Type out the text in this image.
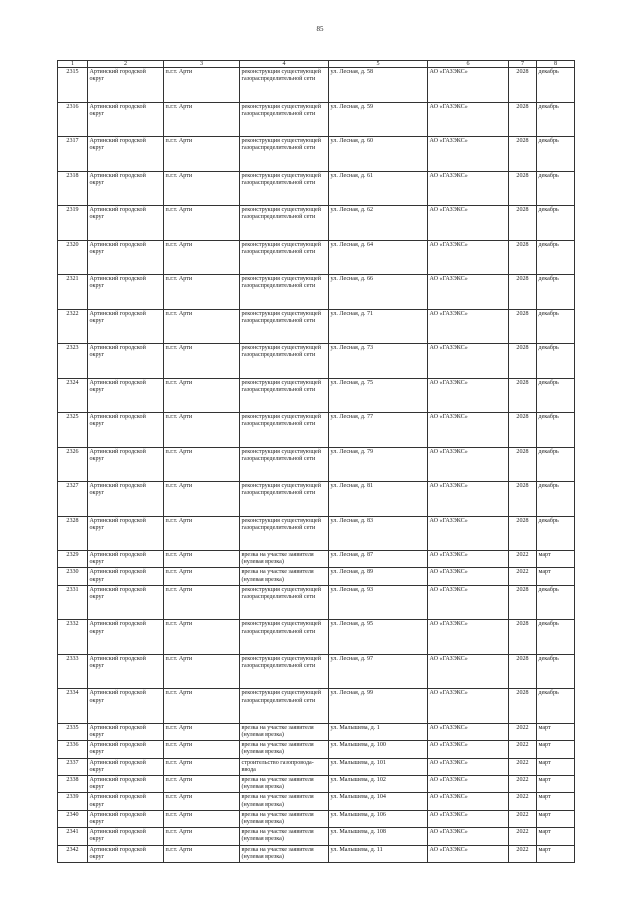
85
1	2	3	4	5	6	7	8
2315	Артинский городской округ	п.г.т. Арти	реконструкция существующей газораспределительной сети	ул. Лесная, д. 58	АО «ГАЗЭКС»	2028	декабрь
2316	Артинский городской округ	п.г.т. Арти	реконструкция существующей газораспределительной сети	ул. Лесная, д. 59	АО «ГАЗЭКС»	2028	декабрь
2317	Артинский городской округ	п.г.т. Арти	реконструкция существующей газораспределительной сети	ул. Лесная, д. 60	АО «ГАЗЭКС»	2028	декабрь
2318	Артинский городской округ	п.г.т. Арти	реконструкция существующей газораспределительной сети	ул. Лесная, д. 61	АО «ГАЗЭКС»	2028	декабрь
2319	Артинский городской округ	п.г.т. Арти	реконструкция существующей газораспределительной сети	ул. Лесная, д. 62	АО «ГАЗЭКС»	2028	декабрь
2320	Артинский городской округ	п.г.т. Арти	реконструкция существующей газораспределительной сети	ул. Лесная, д. 64	АО «ГАЗЭКС»	2028	декабрь
2321	Артинский городской округ	п.г.т. Арти	реконструкция существующей газораспределительной сети	ул. Лесная, д. 66	АО «ГАЗЭКС»	2028	декабрь
2322	Артинский городской округ	п.г.т. Арти	реконструкция существующей газораспределительной сети	ул. Лесная, д. 71	АО «ГАЗЭКС»	2028	декабрь
2323	Артинский городской округ	п.г.т. Арти	реконструкция существующей газораспределительной сети	ул. Лесная, д. 73	АО «ГАЗЭКС»	2028	декабрь
2324	Артинский городской округ	п.г.т. Арти	реконструкция существующей газораспределительной сети	ул. Лесная, д. 75	АО «ГАЗЭКС»	2028	декабрь
2325	Артинский городской округ	п.г.т. Арти	реконструкция существующей газораспределительной сети	ул. Лесная, д. 77	АО «ГАЗЭКС»	2028	декабрь
2326	Артинский городской округ	п.г.т. Арти	реконструкция существующей газораспределительной сети	ул. Лесная, д. 79	АО «ГАЗЭКС»	2028	декабрь
2327	Артинский городской округ	п.г.т. Арти	реконструкция существующей газораспределительной сети	ул. Лесная, д. 81	АО «ГАЗЭКС»	2028	декабрь
2328	Артинский городской округ	п.г.т. Арти	реконструкция существующей газораспределительной сети	ул. Лесная, д. 83	АО «ГАЗЭКС»	2028	декабрь
2329	Артинский городской округ	п.г.т. Арти	врезка на участке заявителя (нулевая врезка)	ул. Лесная, д. 87	АО «ГАЗЭКС»	2022	март
2330	Артинский городской округ	п.г.т. Арти	врезка на участке заявителя (нулевая врезка)	ул. Лесная, д. 89	АО «ГАЗЭКС»	2022	март
2331	Артинский городской округ	п.г.т. Арти	реконструкция существующей газораспределительной сети	ул. Лесная, д. 93	АО «ГАЗЭКС»	2028	декабрь
2332	Артинский городской округ	п.г.т. Арти	реконструкция существующей газораспределительной сети	ул. Лесная, д. 95	АО «ГАЗЭКС»	2028	декабрь
2333	Артинский городской округ	п.г.т. Арти	реконструкция существующей газораспределительной сети	ул. Лесная, д. 97	АО «ГАЗЭКС»	2028	декабрь
2334	Артинский городской округ	п.г.т. Арти	реконструкция существующей газораспределительной сети	ул. Лесная, д. 99	АО «ГАЗЭКС»	2028	декабрь
2335	Артинский городской округ	п.г.т. Арти	врезка на участке заявителя (нулевая врезка)	ул. Малышева, д. 1	АО «ГАЗЭКС»	2022	март
2336	Артинский городской округ	п.г.т. Арти	врезка на участке заявителя (нулевая врезка)	ул. Малышева, д. 100	АО «ГАЗЭКС»	2022	март
2337	Артинский городской округ	п.г.т. Арти	строительство газопровода-ввода	ул. Малышева, д. 101	АО «ГАЗЭКС»	2022	март
2338	Артинский городской округ	п.г.т. Арти	врезка на участке заявителя (нулевая врезка)	ул. Малышева, д. 102	АО «ГАЗЭКС»	2022	март
2339	Артинский городской округ	п.г.т. Арти	врезка на участке заявителя (нулевая врезка)	ул. Малышева, д. 104	АО «ГАЗЭКС»	2022	март
2340	Артинский городской округ	п.г.т. Арти	врезка на участке заявителя (нулевая врезка)	ул. Малышева, д. 106	АО «ГАЗЭКС»	2022	март
2341	Артинский городской округ	п.г.т. Арти	врезка на участке заявителя (нулевая врезка)	ул. Малышева, д. 108	АО «ГАЗЭКС»	2022	март
2342	Артинский городской округ	п.г.т. Арти	врезка на участке заявителя (нулевая врезка)	ул. Малышева, д. 11	АО «ГАЗЭКС»	2022	март
